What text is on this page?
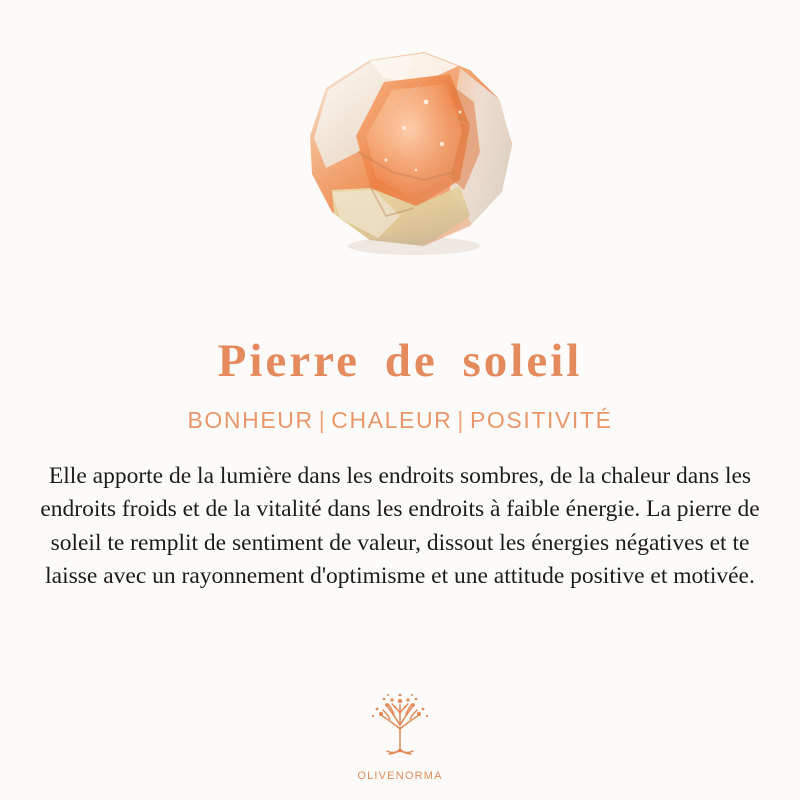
Pierre de soleil
BONHEUR | CHALEUR | POSITIVITÉ
Elle apporte de la lumière dans les endroits sombres, de la chaleur dans les endroits froids et de la vitalité dans les endroits à faible énergie. La pierre de soleil te remplit de sentiment de valeur, dissout les énergies négatives et te laisse avec un rayonnement d'optimisme et une attitude positive et motivée.
OLIVENORMA
